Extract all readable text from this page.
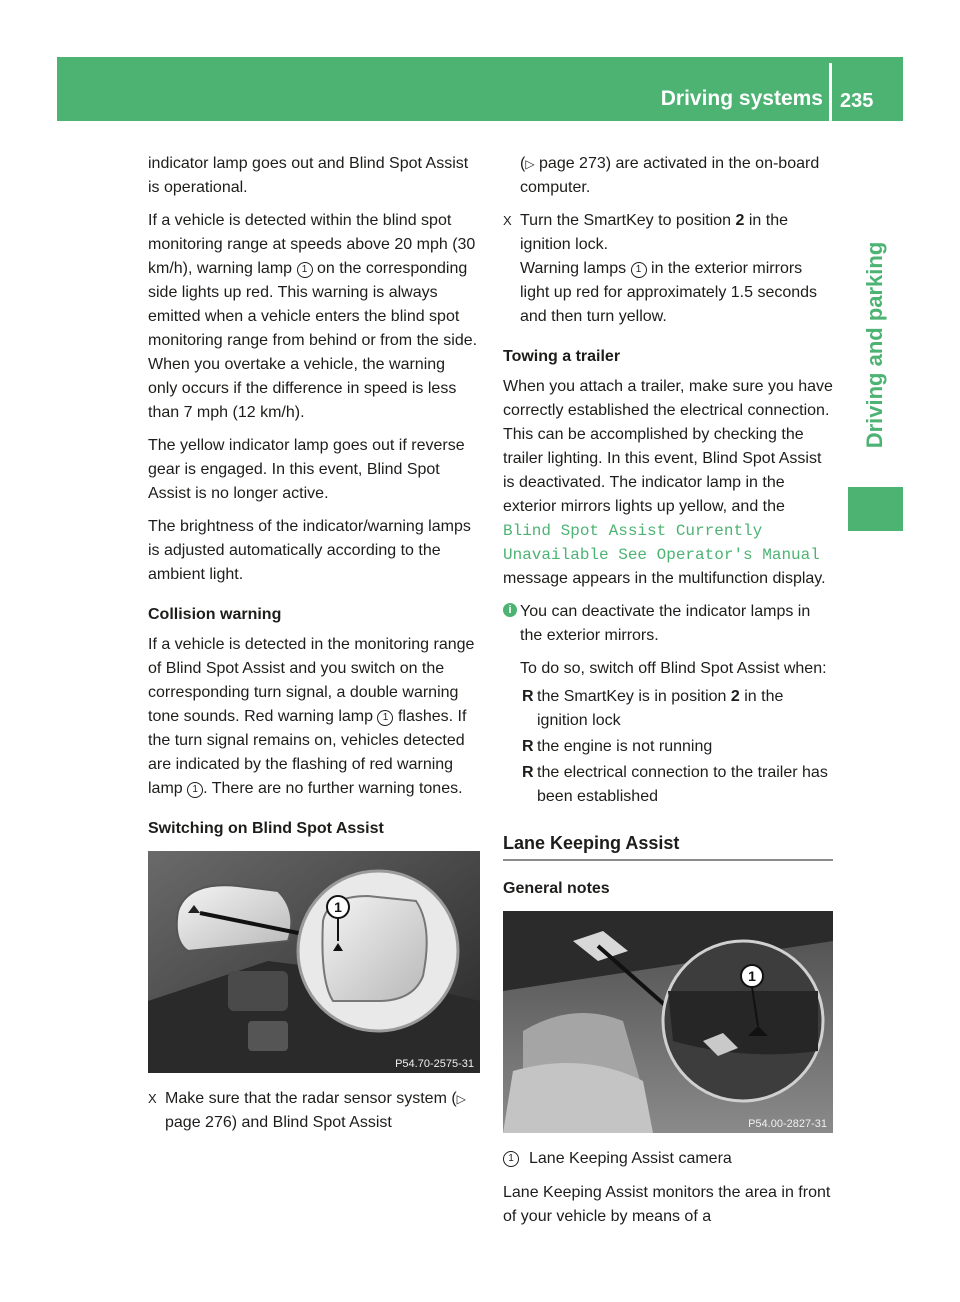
Driving systems 235
Driving and parking

indicator lamp goes out and Blind Spot Assist is operational.

If a vehicle is detected within the blind spot monitoring range at speeds above 20 mph (30 km/h), warning lamp 1 on the corresponding side lights up red. This warning is always emitted when a vehicle enters the blind spot monitoring range from behind or from the side. When you overtake a vehicle, the warning only occurs if the difference in speed is less than 7 mph (12 km/h).

The yellow indicator lamp goes out if reverse gear is engaged. In this event, Blind Spot Assist is no longer active.

The brightness of the indicator/warning lamps is adjusted automatically according to the ambient light.

Collision warning

If a vehicle is detected in the monitoring range of Blind Spot Assist and you switch on the corresponding turn signal, a double warning tone sounds. Red warning lamp 1 flashes. If the turn signal remains on, vehicles detected are indicated by the flashing of red warning lamp 1 . There are no further warning tones.

Switching on Blind Spot Assist
1
P54.70-2575-31
X Make sure that the radar sensor system (▷ page 276) and Blind Spot Assist

(▷ page 273) are activated in the on-board computer.

X Turn the SmartKey to position 2 in the ignition lock.
Warning lamps 1 in the exterior mirrors light up red for approximately 1.5 seconds and then turn yellow.
Towing a trailer

When you attach a trailer, make sure you have correctly established the electrical connection. This can be accomplished by checking the trailer lighting. In this event, Blind Spot Assist is deactivated. The indicator lamp in the exterior mirrors lights up yellow, and the Blind Spot Assist Currently Unavailable See Operator's Manual message appears in the multifunction display.

i You can deactivate the indicator lamps in the exterior mirrors.

To do so, switch off Blind Spot Assist when:

R the SmartKey is in position 2 in the ignition lock
R the engine is not running
R the electrical connection to the trailer has been established
Lane Keeping Assist
General notes
1
P54.00-2827-31
1 Lane Keeping Assist camera

Lane Keeping Assist monitors the area in front of your vehicle by means of a
